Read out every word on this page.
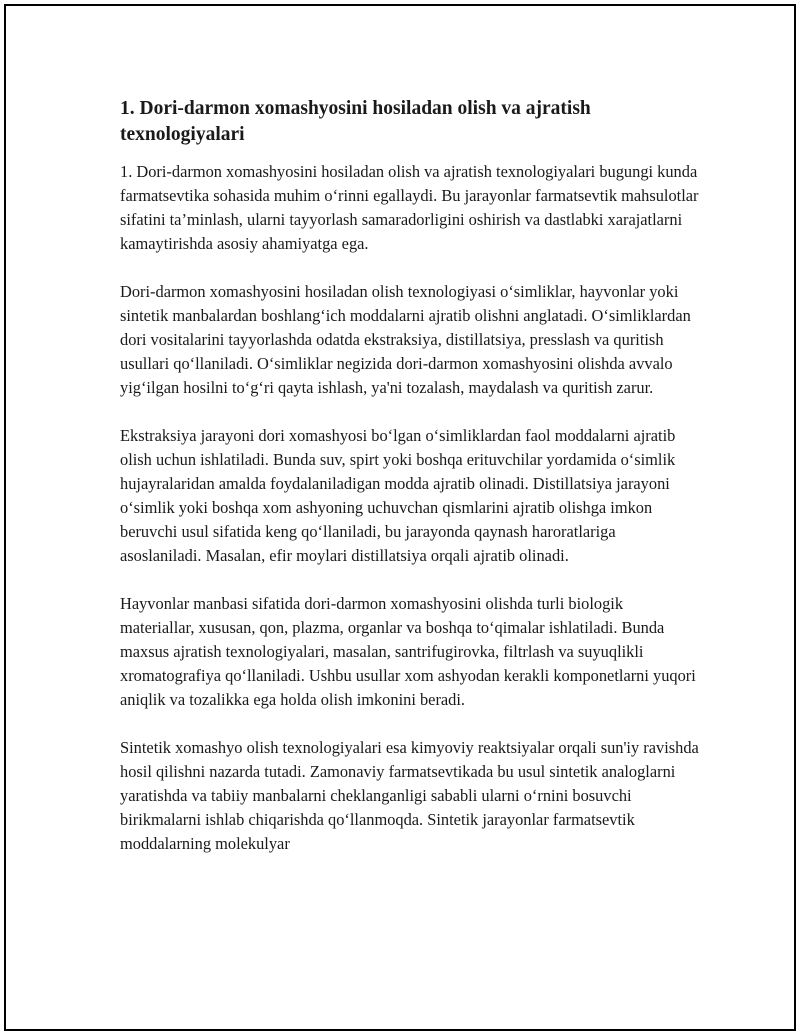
1. Dori-darmon xomashyosini hosiladan olish va ajratish texnologiyalari

1. Dori-darmon xomashyosini hosiladan olish va ajratish texnologiyalari bugungi kunda farmatsevtika sohasida muhim o‘rinni egallaydi. Bu jarayonlar farmatsevtik mahsulotlar sifatini ta’minlash, ularni tayyorlash samaradorligini oshirish va dastlabki xarajatlarni kamaytirishda asosiy ahamiyatga ega.

Dori-darmon xomashyosini hosiladan olish texnologiyasi o‘simliklar, hayvonlar yoki sintetik manbalardan boshlang‘ich moddalarni ajratib olishni anglatadi. O‘simliklardan dori vositalarini tayyorlashda odatda ekstraksiya, distillatsiya, presslash va quritish usullari qo‘llaniladi. O‘simliklar negizida dori-darmon xomashyosini olishda avvalo yig‘ilgan hosilni to‘g‘ri qayta ishlash, ya'ni tozalash, maydalash va quritish zarur.

Ekstraksiya jarayoni dori xomashyosi bo‘lgan o‘simliklardan faol moddalarni ajratib olish uchun ishlatiladi. Bunda suv, spirt yoki boshqa erituvchilar yordamida o‘simlik hujayralaridan amalda foydalaniladigan modda ajratib olinadi. Distillatsiya jarayoni o‘simlik yoki boshqa xom ashyoning uchuvchan qismlarini ajratib olishga imkon beruvchi usul sifatida keng qo‘llaniladi, bu jarayonda qaynash haroratlariga asoslaniladi. Masalan, efir moylari distillatsiya orqali ajratib olinadi.

Hayvonlar manbasi sifatida dori-darmon xomashyosini olishda turli biologik materiallar, xususan, qon, plazma, organlar va boshqa to‘qimalar ishlatiladi. Bunda maxsus ajratish texnologiyalari, masalan, santrifugirovka, filtrlash va suyuqlikli xromatografiya qo‘llaniladi. Ushbu usullar xom ashyodan kerakli komponetlarni yuqori aniqlik va tozalikka ega holda olish imkonini beradi.

Sintetik xomashyo olish texnologiyalari esa kimyoviy reaktsiyalar orqali sun'iy ravishda hosil qilishni nazarda tutadi. Zamonaviy farmatsevtikada bu usul sintetik analoglarni yaratishda va tabiiy manbalarni cheklanganligi sababli ularni o‘rnini bosuvchi birikmalarni ishlab chiqarishda qo‘llanmoqda. Sintetik jarayonlar farmatsevtik moddalarning molekulyar
